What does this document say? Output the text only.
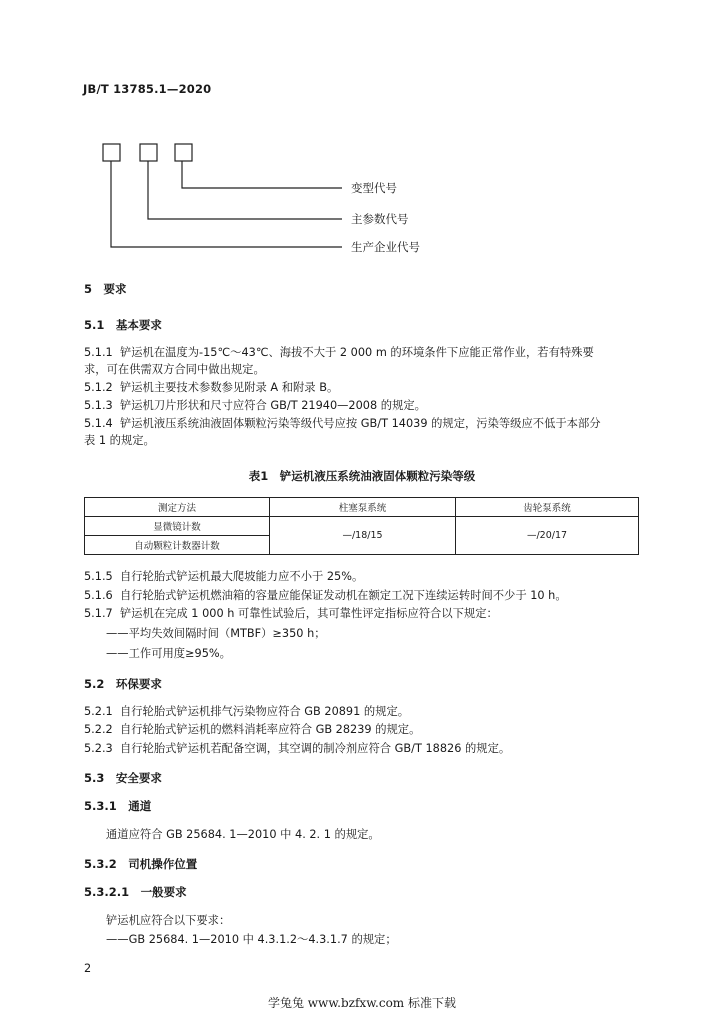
JB/T 13785.1—2020
变型代号
主参数代号
生产企业代号
5　要求
5.1　基本要求
5.1.1 铲运机在温度为-15℃～43℃、海拔不大于 2 000 m 的环境条件下应能正常作业，若有特殊要
求，可在供需双方合同中做出规定。
5.1.2 铲运机主要技术参数参见附录 A 和附录 B。
5.1.3 铲运机刀片形状和尺寸应符合 GB/T 21940—2008 的规定。
5.1.4 铲运机液压系统油液固体颗粒污染等级代号应按 GB/T 14039 的规定，污染等级应不低于本部分
表 1 的规定。
表1　铲运机液压系统油液固体颗粒污染等级
测定方法	柱塞泵系统	齿轮泵系统
显微镜计数	—/18/15	—/20/17
自动颗粒计数器计数		
5.1.5 自行轮胎式铲运机最大爬坡能力应不小于 25%。
5.1.6 自行轮胎式铲运机燃油箱的容量应能保证发动机在额定工况下连续运转时间不少于 10 h。
5.1.7 铲运机在完成 1 000 h 可靠性试验后，其可靠性评定指标应符合以下规定：
——平均失效间隔时间（MTBF）≥350 h；
——工作可用度≥95%。
5.2　环保要求
5.2.1 自行轮胎式铲运机排气污染物应符合 GB 20891 的规定。
5.2.2 自行轮胎式铲运机的燃料消耗率应符合 GB 28239 的规定。
5.2.3 自行轮胎式铲运机若配备空调，其空调的制冷剂应符合 GB/T 18826 的规定。
5.3　安全要求
5.3.1　通道
通道应符合 GB 25684. 1—2010 中 4. 2. 1 的规定。
5.3.2　司机操作位置
5.3.2.1　一般要求
铲运机应符合以下要求：
——GB 25684. 1—2010 中 4.3.1.2～4.3.1.7 的规定；
2
学兔兔 www.bzfxw.com 标准下载
